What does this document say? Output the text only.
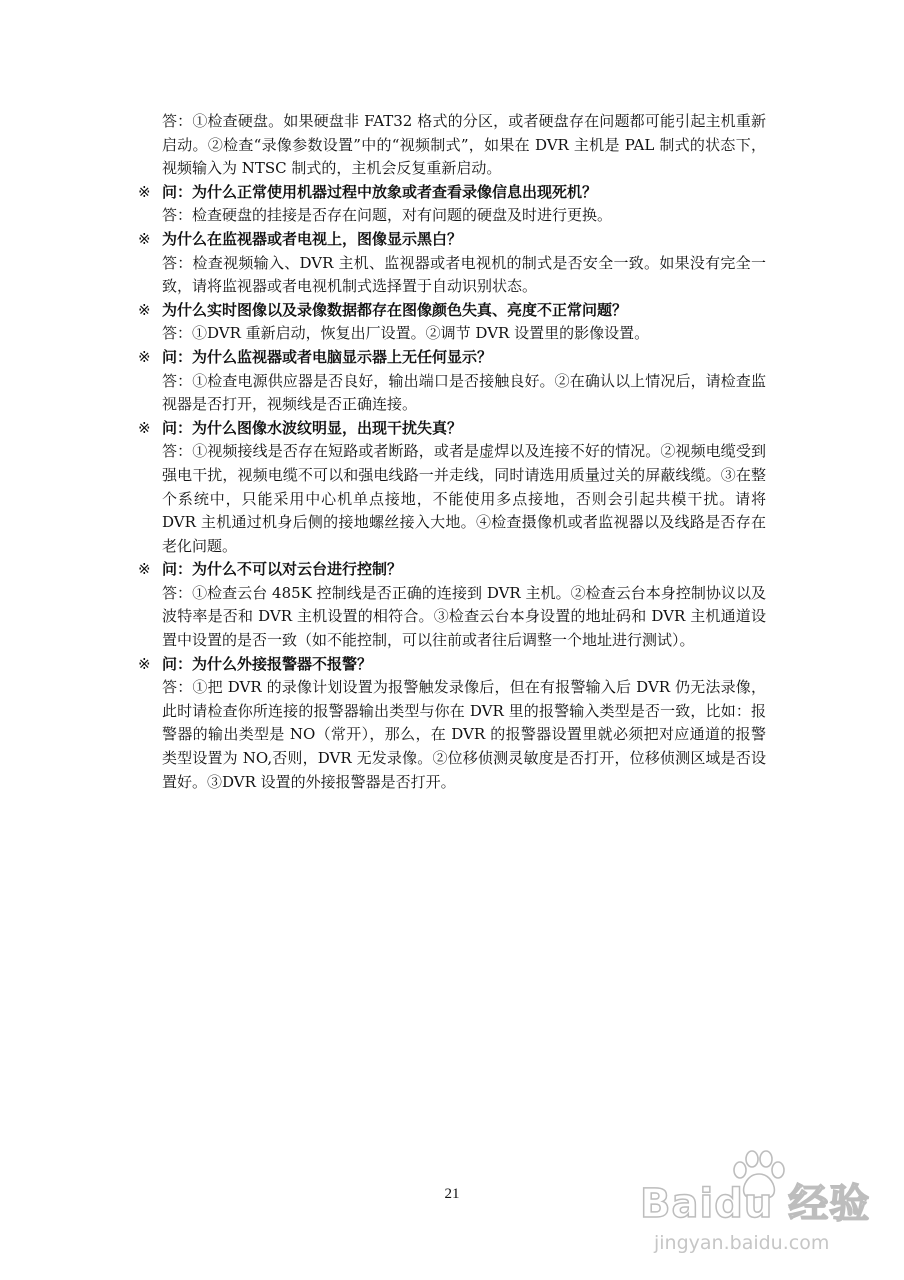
答：①检查硬盘。如果硬盘非 FAT32 格式的分区，或者硬盘存在问题都可能引起主机重新启动。②检查“录像参数设置”中的“视频制式”，如果在 DVR 主机是 PAL 制式的状态下，视频输入为 NTSC 制式的，主机会反复重新启动。
※ 问：为什么正常使用机器过程中放象或者查看录像信息出现死机？
答：检查硬盘的挂接是否存在问题，对有问题的硬盘及时进行更换。
※ 为什么在监视器或者电视上，图像显示黑白？
答：检查视频输入、DVR 主机、监视器或者电视机的制式是否安全一致。如果没有完全一致，请将监视器或者电视机制式选择置于自动识别状态。
※ 为什么实时图像以及录像数据都存在图像颜色失真、亮度不正常问题？
答：①DVR 重新启动，恢复出厂设置。②调节 DVR 设置里的影像设置。
※ 问：为什么监视器或者电脑显示器上无任何显示？
答：①检查电源供应器是否良好，输出端口是否接触良好。②在确认以上情况后，请检查监视器是否打开，视频线是否正确连接。
※ 问：为什么图像水波纹明显，出现干扰失真？
答：①视频接线是否存在短路或者断路，或者是虚焊以及连接不好的情况。②视频电缆受到强电干扰，视频电缆不可以和强电线路一并走线，同时请选用质量过关的屏蔽线缆。③在整个系统中，只能采用中心机单点接地，不能使用多点接地，否则会引起共模干扰。请将 DVR 主机通过机身后侧的接地螺丝接入大地。④检查摄像机或者监视器以及线路是否存在老化问题。
※ 问：为什么不可以对云台进行控制？
答：①检查云台 485K 控制线是否正确的连接到 DVR 主机。②检查云台本身控制协议以及波特率是否和 DVR 主机设置的相符合。③检查云台本身设置的地址码和 DVR 主机通道设置中设置的是否一致（如不能控制，可以往前或者往后调整一个地址进行测试）。
※ 问：为什么外接报警器不报警？
答：①把 DVR 的录像计划设置为报警触发录像后，但在有报警输入后 DVR 仍无法录像，此时请检查你所连接的报警器输出类型与你在 DVR 里的报警输入类型是否一致，比如：报警器的输出类型是 NO（常开），那么，在 DVR 的报警器设置里就必须把对应通道的报警类型设置为 NO,否则，DVR 无发录像。②位移侦测灵敏度是否打开，位移侦测区域是否设置好。③DVR 设置的外接报警器是否打开。
21	Baidu 经验
jingyan.baidu.com
